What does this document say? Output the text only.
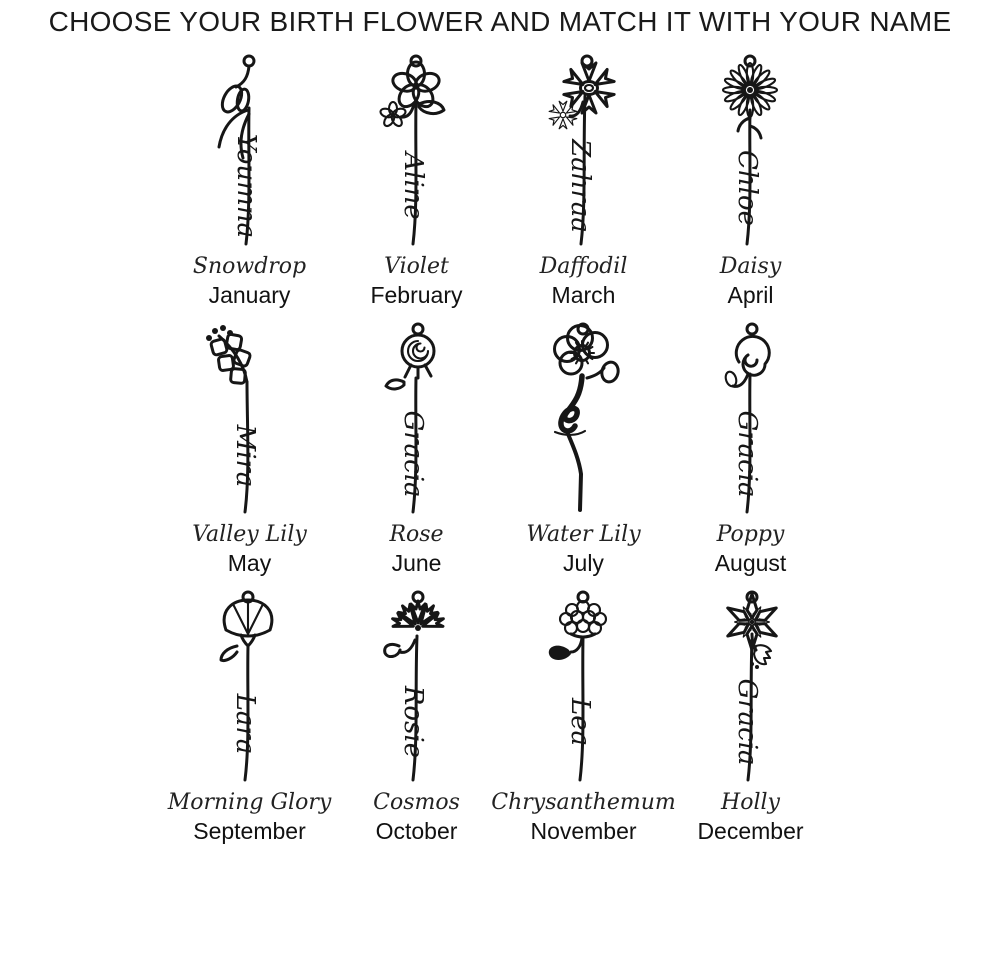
CHOOSE YOUR BIRTH FLOWER AND MATCH IT WITH YOUR NAME
Youmna
Snowdrop
January
Aline
Violet
February
Zahraa
Daffodil
March
Chloe
Daisy
April
Mira
Valley Lily
May
Gracia
Rose
June
Water Lily
July
Gracia
Poppy
August
Lara
Morning Glory
September
Rosie
Cosmos
October
Lea
Chrysanthemum
November
Gracia
Holly
December
